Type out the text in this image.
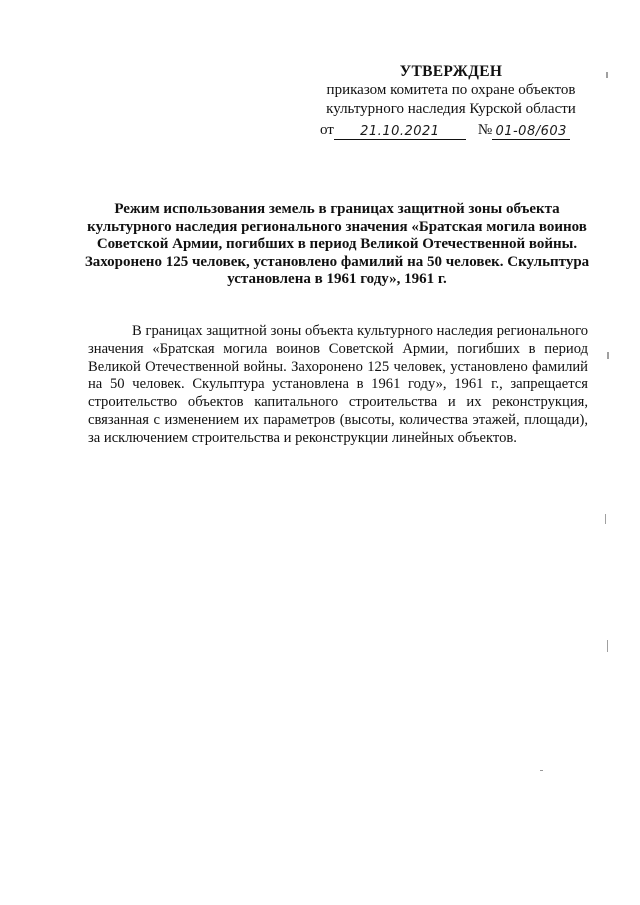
УТВЕРЖДЕН
приказом комитета по охране объектов
культурного наследия Курской области
от	21.10.2021	№ 01-08/603
Режим использования земель в границах защитной зоны объекта культурного наследия регионального значения «Братская могила воинов Советской Армии, погибших в период Великой Отечественной войны. Захоронено 125 человек, установлено фамилий на 50 человек. Скульптура установлена в 1961 году», 1961 г.
В границах защитной зоны объекта культурного наследия регионального значения «Братская могила воинов Советской Армии, погибших в период Великой Отечественной войны. Захоронено 125 человек, установлено фамилий на 50 человек. Скульптура установлена в 1961 году», 1961 г., запрещается строительство объектов капитального строительства и их реконструкция, связанная с изменением их параметров (высоты, количества этажей, площади), за исключением строительства и реконструкции линейных объектов.
